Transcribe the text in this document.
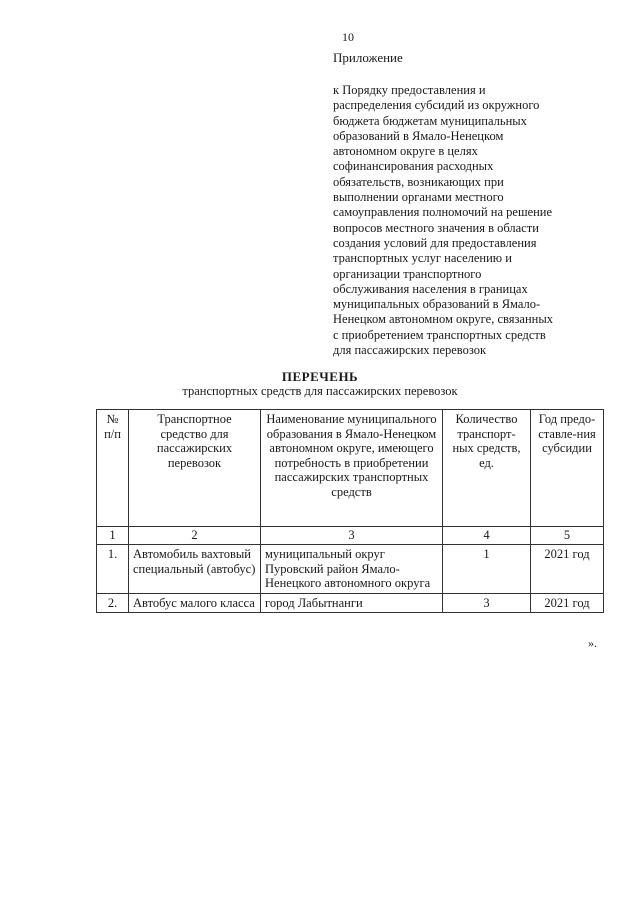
10
Приложение
к Порядку предоставления и
распределения субсидий из окружного
бюджета бюджетам муниципальных
образований в Ямало-Ненецком
автономном округе в целях
софинансирования расходных
обязательств, возникающих при
выполнении органами местного
самоуправления полномочий на решение
вопросов местного значения в области
создания условий для предоставления
транспортных услуг населению и
организации транспортного
обслуживания населения в границах
муниципальных образований в Ямало-
Ненецком автономном округе, связанных
с приобретением транспортных средств
для пассажирских перевозок
ПЕРЕЧЕНЬ
транспортных средств для пассажирских перевозок
№ п/п	Транспортное средство для пассажирских перевозок	Наименование муниципального образования в Ямало-Ненецком автономном округе, имеющего потребность в приобретении пассажирских транспортных средств	Количество транспорт-ных средств, ед.	Год предо-ставле-ния субсидии
1	2	3	4	5
1.	Автомобиль вахтовый специальный (автобус)	муниципальный округ Пуровский район Ямало-Ненецкого автономного округа	1	2021 год
2.	Автобус малого класса	город Лабытнанги	3	2021 год
».
